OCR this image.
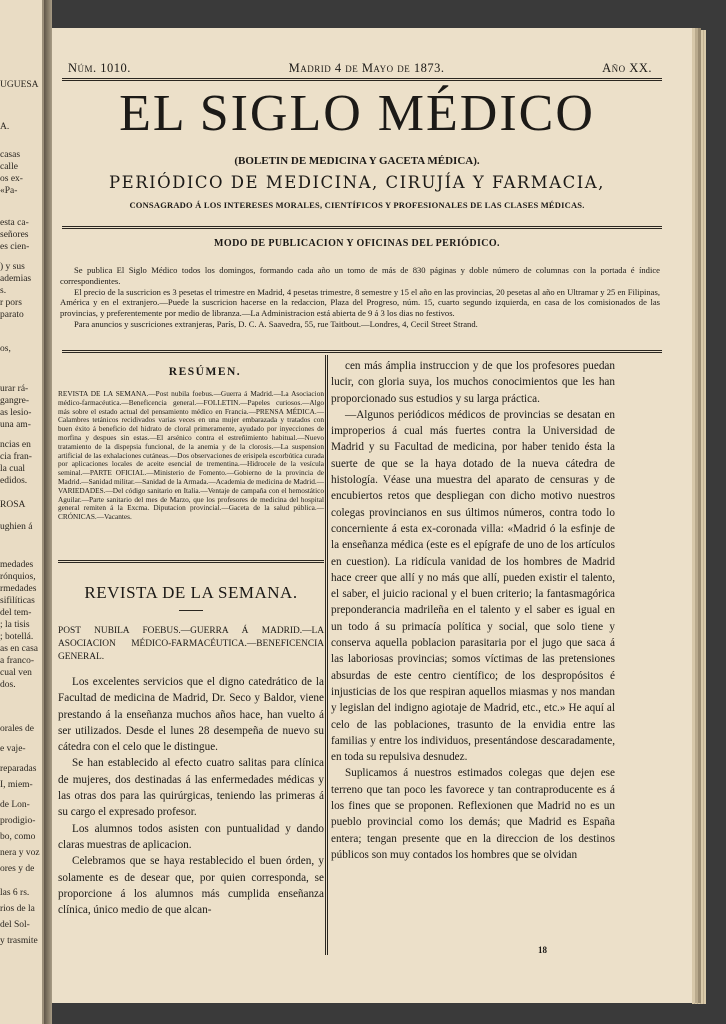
UGUESA
A.
casas
calle
os ex-
«Pa-
esta ca-
señores
es cien-
) y sus
ademias
s.
r pors
parato
os,
urar rá-
gangre-
as lesio-
una am-
ncias en
cia fran-
la cual
edidos.
ROSA
ughien á
medades
rónquios,
rmedades
sifilíticas
del tem-
; la tisis
; botellá.
as en casa
a franco-
cual ven
dos.
orales de
e vaje-
reparadas
I, miem-
de Lon-
prodigio-
bo, como
nera y voz
ores y de
las 6 rs.
rios de la
del Sol-
y trasmite
Núm. 1010.	Madrid 4 de Mayo de 1873.	Año XX.
EL SIGLO MÉDICO
(BOLETIN DE MEDICINA Y GACETA MÉDICA).
PERIÓDICO DE MEDICINA, CIRUJÍA Y FARMACIA,
CONSAGRADO Á LOS INTERESES MORALES, CIENTÍFICOS Y PROFESIONALES DE LAS CLASES MÉDICAS.
MODO DE PUBLICACION Y OFICINAS DEL PERIÓDICO.

Se publica El Siglo Médico todos los domingos, formando cada año un tomo de más de 830 páginas y doble número de columnas con la portada é índice correspondientes.

El precio de la suscricion es 3 pesetas el trimestre en Madrid, 4 pesetas trimestre, 8 semestre y 15 el año en las provincias, 20 pesetas al año en Ultramar y 25 en Filipinas, América y en el extranjero.—Puede la suscricion hacerse en la redaccion, Plaza del Progreso, núm. 15, cuarto segundo izquierda, en casa de los comisionados de las provincias, y preferentemente por medio de libranza.—La Administracion está abierta de 9 á 3 los dias no festivos.

Para anuncios y suscriciones extranjeras, París, D. C. A. Saavedra, 55, rue Taitbout.—Londres, 4, Cecil Street Strand.

RESÚMEN.
REVISTA DE LA SEMANA.—Post nubila foebus.—Guerra á Madrid.—La Asociacion médico-farmacéutica.—Beneficencia general.—FOLLETIN.—Papeles curiosos.—Algo más sobre el estado actual del pensamiento médico en Francia.—PRENSA MÉDICA.—Calambres tetánicos recidivados varias veces en una mujer embarazada y tratados con buen éxito á beneficio del hidrato de cloral primeramente, ayudado por inyecciones de morfina y despues sin estas.—El arsénico contra el estreñimiento habitual.—Nuevo tratamiento de la dispepsia funcional, de la anemia y de la clorosis.—La suspension artificial de las exhalaciones cutáneas.—Dos observaciones de erisipela escorbútica curada por aplicaciones locales de aceite esencial de trementina.—Hidrocele de la vesícula seminal.—PARTE OFICIAL.—Ministerio de Fomento.—Gobierno de la provincia de Madrid.—Sanidad militar.—Sanidad de la Armada.—Academia de medicina de Madrid.—VARIEDADES.—Del código sanitario en Italia.—Ventaje de campaña con el hemostático Aguilar.—Parte sanitario del mes de Marzo, que los profesores de medicina del hospital general remiten á la Excma. Diputacion provincial.—Gaceta de la salud pública.—CRÓNICAS.—Vacantes.
REVISTA DE LA SEMANA.
POST NUBILA FOEBUS.—GUERRA Á MADRID.—LA ASOCIACION MÉDICO-FARMACÉUTICA.—BENEFICENCIA GENERAL.

Los excelentes servicios que el digno catedrático de la Facultad de medicina de Madrid, Dr. Seco y Baldor, viene prestando á la enseñanza muchos años hace, han vuelto á ser utilizados. Desde el lunes 28 desempeña de nuevo su cátedra con el celo que le distingue.

Se han establecido al efecto cuatro salitas para clínica de mujeres, dos destinadas á las enfermedades médicas y las otras dos para las quirúrgicas, teniendo las primeras á su cargo el expresado profesor.

Los alumnos todos asisten con puntualidad y dando claras muestras de aplicacion.

Celebramos que se haya restablecido el buen órden, y solamente es de desear que, por quien corresponda, se proporcione á los alumnos más cumplida enseñanza clínica, único medio de que alcan-

cen más ámplia instruccion y de que los profesores puedan lucir, con gloria suya, los muchos conocimientos que les han proporcionado sus estudios y su larga práctica.

—Algunos periódicos médicos de provincias se desatan en improperios á cual más fuertes contra la Universidad de Madrid y su Facultad de medicina, por haber tenido ésta la suerte de que se la haya dotado de la nueva cátedra de histología. Véase una muestra del aparato de censuras y de encubiertos retos que despliegan con dicho motivo nuestros colegas provincianos en sus últimos números, contra todo lo concerniente á esta ex-coronada villa: «Madrid ó la esfinje de la enseñanza médica (este es el epígrafe de uno de los artículos en cuestion). La ridícula vanidad de los hombres de Madrid hace creer que allí y no más que allí, pueden existir el talento, el saber, el juicio racional y el buen criterio; la fantasmagórica preponderancia madrileña en el talento y el saber es igual en un todo á su primacía política y social, que solo tiene y conserva aquella poblacion parasitaria por el jugo que saca á las laboriosas provincias; somos víctimas de las pretensiones absurdas de este centro científico; de los despropósitos é injusticias de los que respiran aquellos miasmas y nos mandan y legislan del indigno agiotaje de Madrid, etc., etc.» He aquí al celo de las poblaciones, trasunto de la envidia entre las familias y entre los individuos, presentándose descaradamente, en toda su repulsiva desnudez.

Suplicamos á nuestros estimados colegas que dejen ese terreno que tan poco les favorece y tan contraproducente es á los fines que se proponen. Reflexionen que Madrid no es un pueblo provincial como los demás; que Madrid es España entera; tengan presente que en la direccion de los destinos públicos son muy contados los hombres que se olvidan

18
